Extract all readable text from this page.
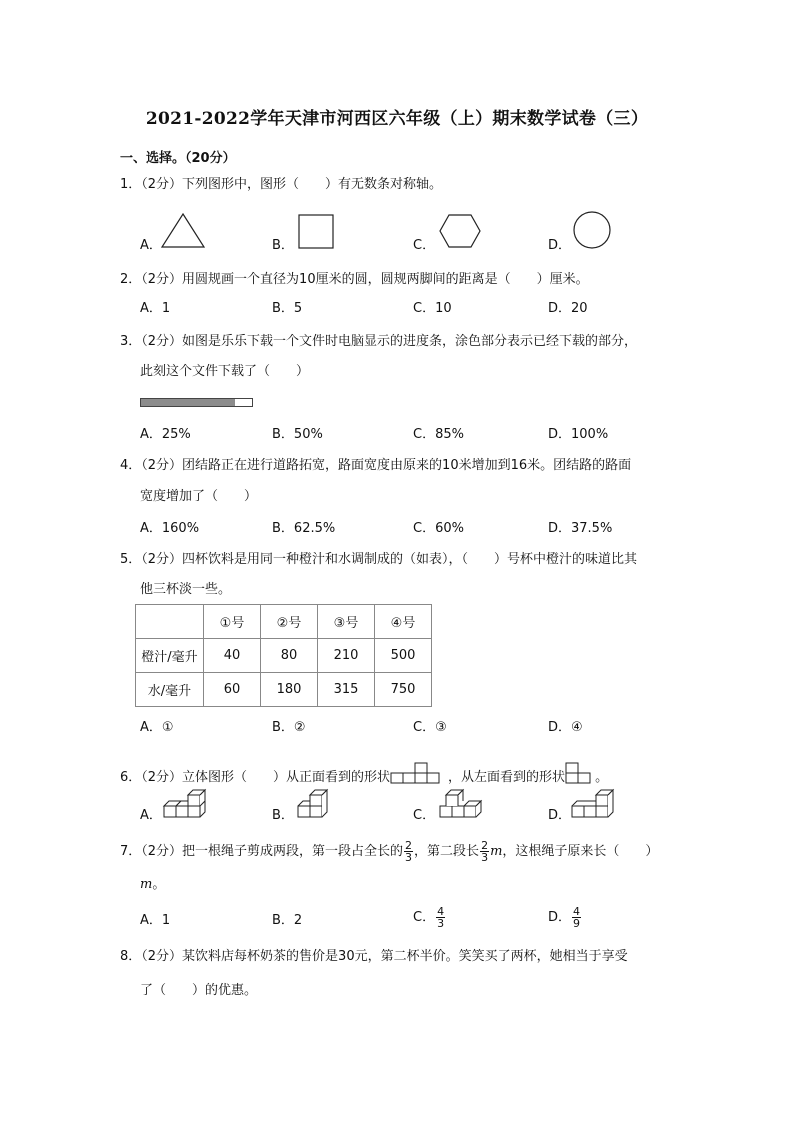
2021-2022学年天津市河西区六年级（上）期末数学试卷（三）
一、选择。（20分）
1．（2分）下列图形中，图形（　　）有无数条对称轴。
A．	B．	C．	D．
2．（2分）用圆规画一个直径为10厘米的圆，圆规两脚间的距离是（　　）厘米。
A．1	B．5	C．10	D．20
3．（2分）如图是乐乐下载一个文件时电脑显示的进度条，涂色部分表示已经下载的部分，
此刻这个文件下载了（　　）
A．25%	B．50%	C．85%	D．100%
4．（2分）团结路正在进行道路拓宽，路面宽度由原来的10米增加到16米。团结路的路面
宽度增加了（　　）
A．160%	B．62.5%	C．60%	D．37.5%
5．（2分）四杯饮料是用同一种橙汁和水调制成的（如表），（　　）号杯中橙汁的味道比其
他三杯淡一些。
	①号	②号	③号	④号
橙汁/毫升	40	80	210	500
水/毫升	60	180	315	750
A．①	B．②	C．③	D．④
6．（2分）立体图形（　　）从正面看到的形状	，从左面看到的形状 。
A．	B．	C．	D．
7．（2分）把一根绳子剪成两段，第一段占全长的 $\frac{2}{3}$ ，第二段长 $\frac{2}{3}$ m，这根绳子原来长（　　）
m。
A．1	B．2	C． $\frac{4}{3}$	D． $\frac{4}{9}$
8．（2分）某饮料店每杯奶茶的售价是30元，第二杯半价。笑笑买了两杯，她相当于享受
了（　　）的优惠。
